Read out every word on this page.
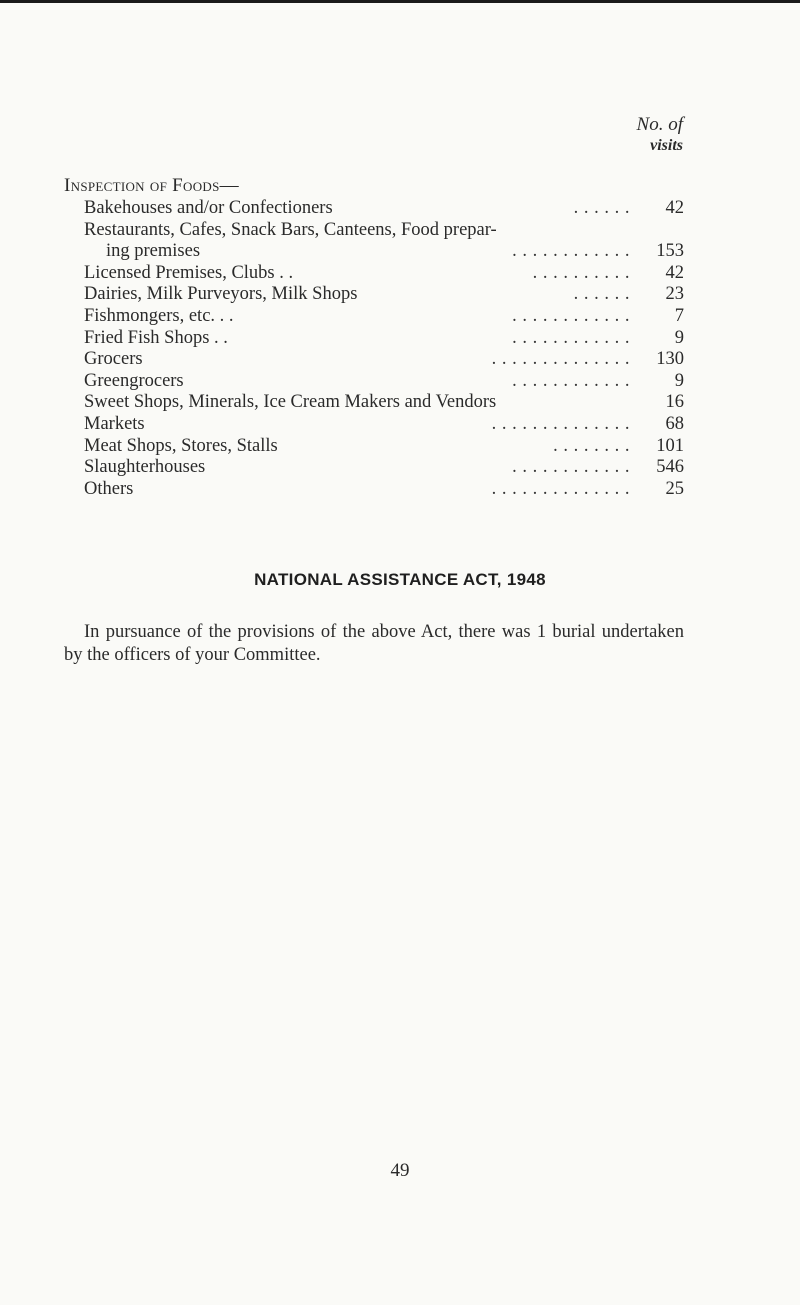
No. of
visits
Inspection of Foods—
Bakehouses and/or Confectioners	. . . . . .	42
Restaurants, Cafes, Snack Bars, Canteens, Food prepar-
ing premises	. . . . . . . . . . . .	153
Licensed Premises, Clubs . .	. . . . . . . . . .	42
Dairies, Milk Purveyors, Milk Shops	. . . . . .	23
Fishmongers, etc. . .	. . . . . . . . . . . .	7
Fried Fish Shops . .	. . . . . . . . . . . .	9
Grocers	. . . . . . . . . . . . . .	130
Greengrocers	. . . . . . . . . . . .	9
Sweet Shops, Minerals, Ice Cream Makers and Vendors	16
Markets	. . . . . . . . . . . . . .	68
Meat Shops, Stores, Stalls	. . . . . . . .	101
Slaughterhouses	. . . . . . . . . . . .	546
Others	. . . . . . . . . . . . . .	25
NATIONAL ASSISTANCE ACT, 1948

In pursuance of the provisions of the above Act, there was 1 burial undertaken by the officers of your Committee.

49
